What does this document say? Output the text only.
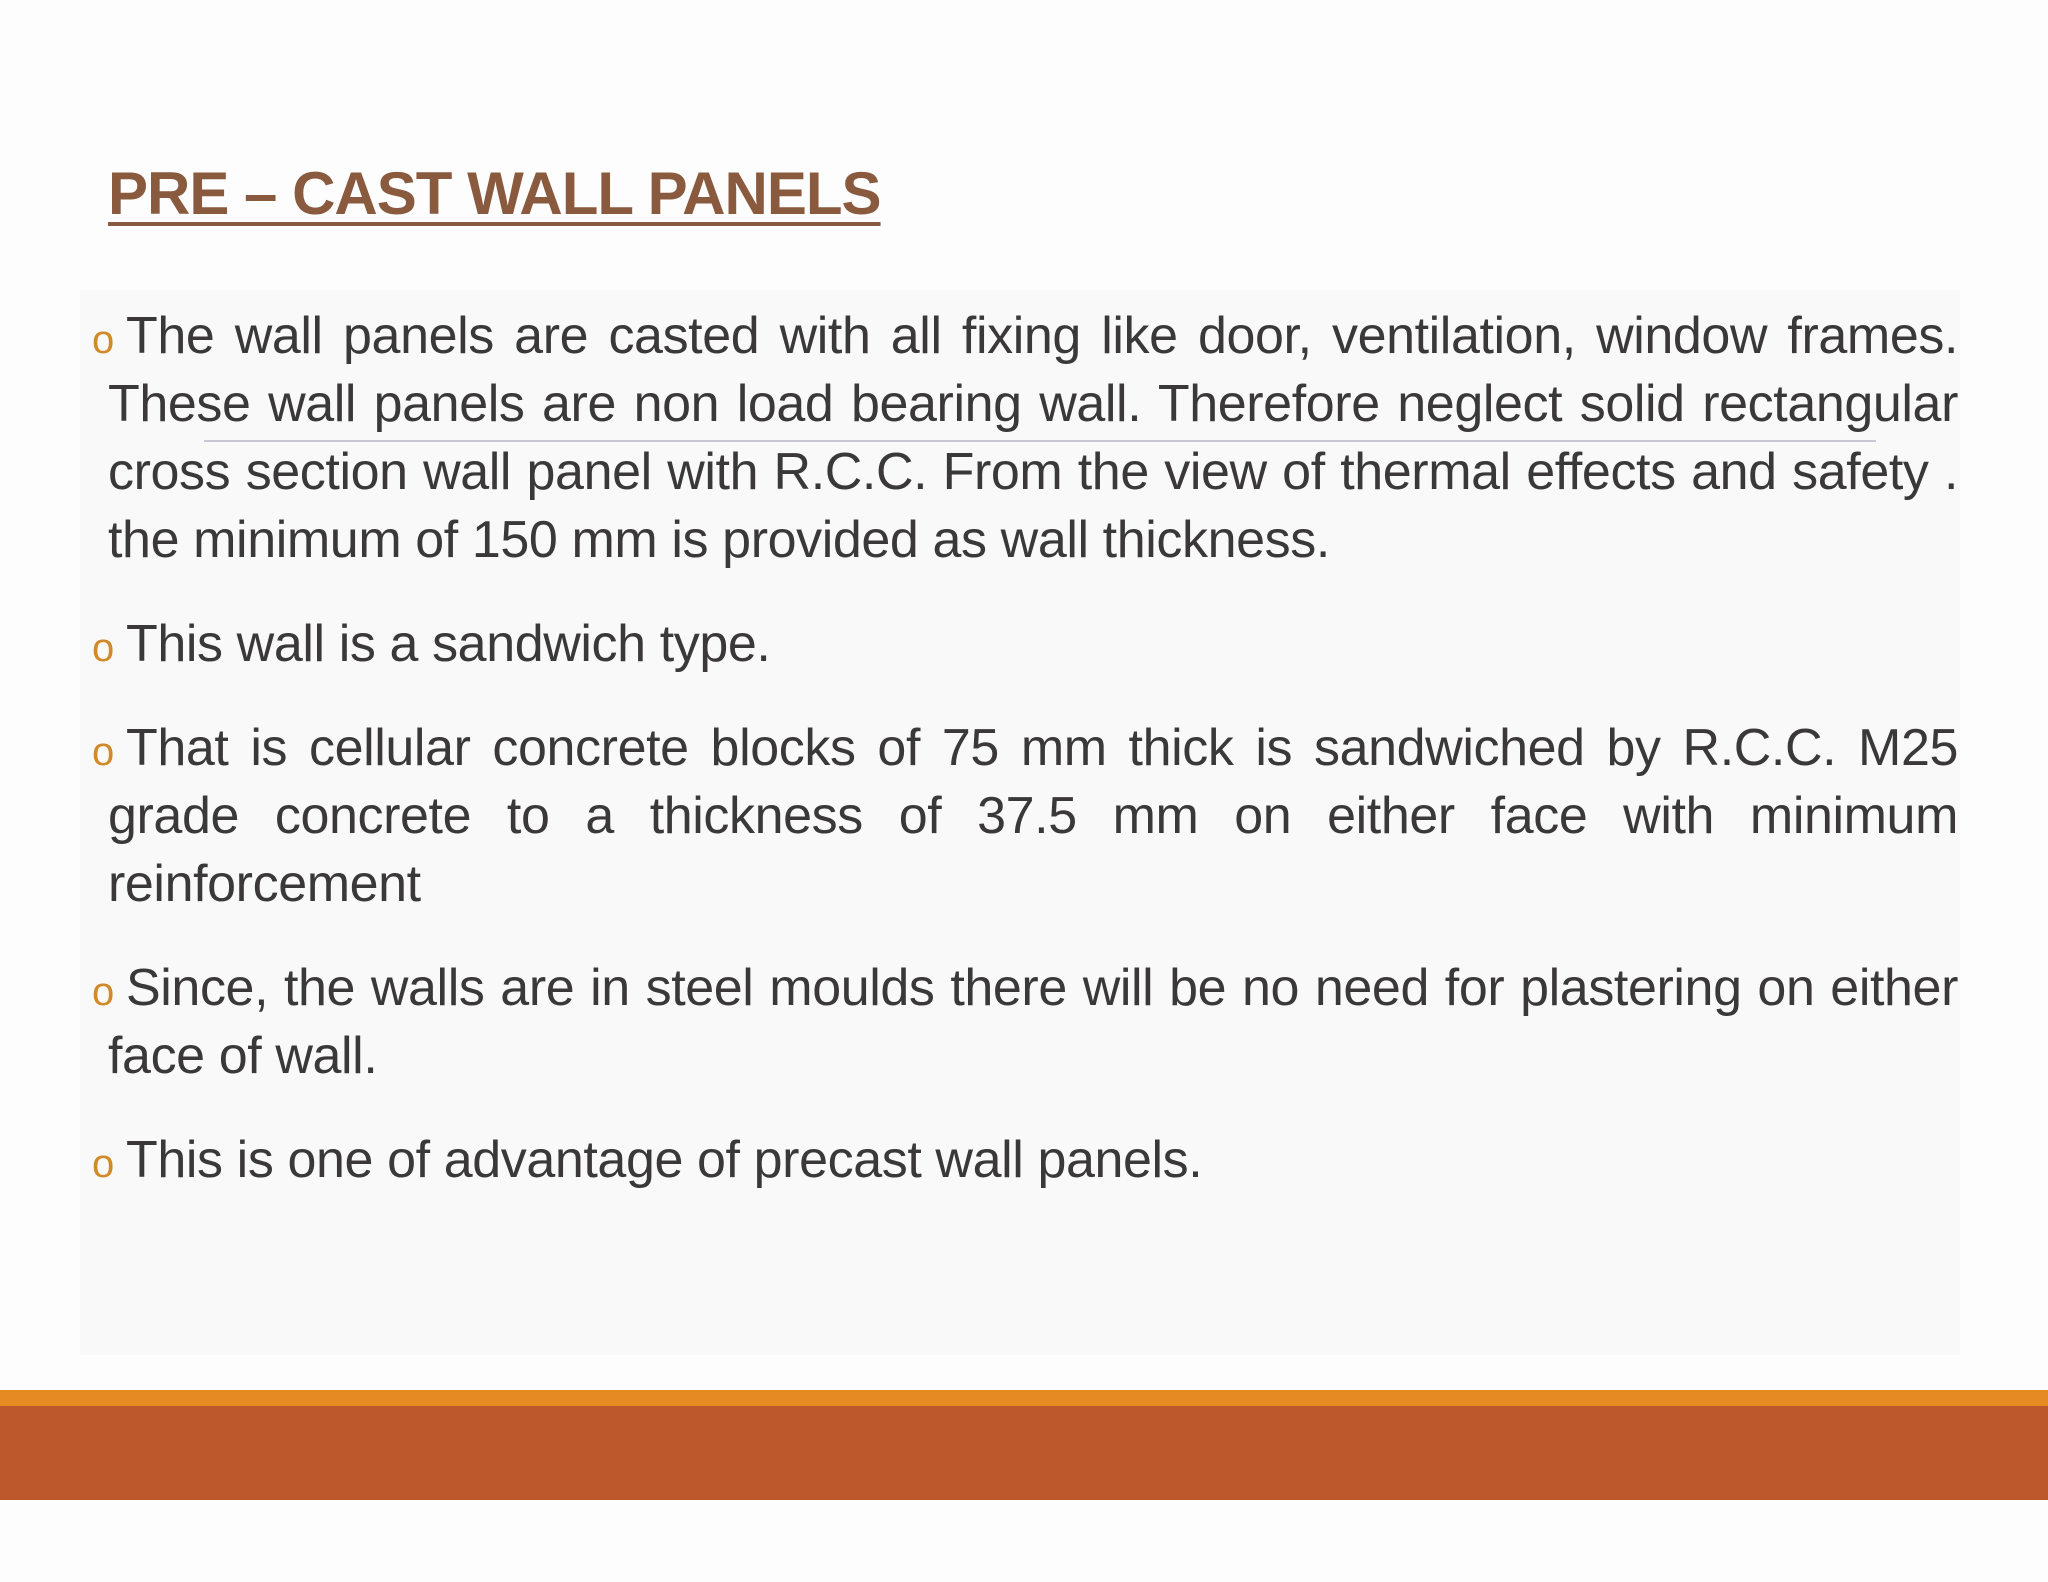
PRE – CAST WALL PANELS
o The wall panels are casted with all fixing like door, ventilation, window frames. These wall panels are non load bearing wall. Therefore neglect solid rectangular cross section wall panel with R.C.C. From the view of thermal effects and safety . the minimum of 150 mm is provided as wall thickness.
o This wall is a sandwich type.
o That is cellular concrete blocks of 75 mm thick is sandwiched by R.C.C. M25 grade concrete to a thickness of 37.5 mm on either face with minimum reinforcement
o Since, the walls are in steel moulds there will be no need for plastering on either face of wall.
o This is one of advantage of precast wall panels.
